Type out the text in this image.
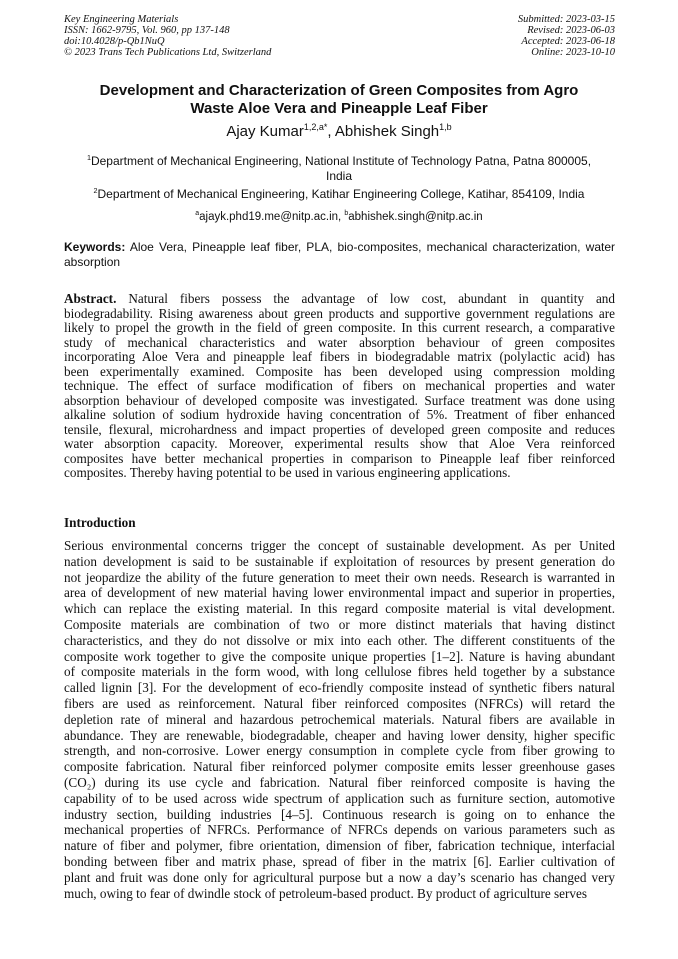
Key Engineering Materials
ISSN: 1662-9795, Vol. 960, pp 137-148
doi:10.4028/p-Qb1NuQ
© 2023 Trans Tech Publications Ltd, Switzerland
Submitted: 2023-03-15
Revised: 2023-06-03
Accepted: 2023-06-18
Online: 2023-10-10
Development and Characterization of Green Composites from Agro
Waste Aloe Vera and Pineapple Leaf Fiber
Ajay Kumar$^{1,2,a*}$, Abhishek Singh$^{1,b}$
$^1$Department of Mechanical Engineering, National Institute of Technology Patna, Patna 800005,
India
$^2$Department of Mechanical Engineering, Katihar Engineering College, Katihar, 854109, India
$^a$ajayk.phd19.me@nitp.ac.in, $^b$abhishek.singh@nitp.ac.in
Keywords: Aloe Vera, Pineapple leaf fiber, PLA, bio-composites, mechanical characterization, water absorption
Abstract. Natural fibers possess the advantage of low cost, abundant in quantity and
biodegradability. Rising awareness about green products and supportive government regulations are
likely to propel the growth in the field of green composite. In this current research, a comparative
study of mechanical characteristics and water absorption behaviour of green composites
incorporating Aloe Vera and pineapple leaf fibers in biodegradable matrix (polylactic acid) has
been experimentally examined. Composite has been developed using compression molding
technique. The effect of surface modification of fibers on mechanical properties and water
absorption behaviour of developed composite was investigated. Surface treatment was done using
alkaline solution of sodium hydroxide having concentration of 5%. Treatment of fiber enhanced
tensile, flexural, microhardness and impact properties of developed green composite and reduces
water absorption capacity. Moreover, experimental results show that Aloe Vera reinforced
composites have better mechanical properties in comparison to Pineapple leaf fiber reinforced
composites. Thereby having potential to be used in various engineering applications.
Introduction
Serious environmental concerns trigger the concept of sustainable development. As per United
nation development is said to be sustainable if exploitation of resources by present generation do
not jeopardize the ability of the future generation to meet their own needs. Research is warranted in
area of development of new material having lower environmental impact and superior in properties,
which can replace the existing material. In this regard composite material is vital development.
Composite materials are combination of two or more distinct materials that having distinct
characteristics, and they do not dissolve or mix into each other. The different constituents of the
composite work together to give the composite unique properties [1–2]. Nature is having abundant
of composite materials in the form wood, with long cellulose fibres held together by a substance
called lignin [3]. For the development of eco-friendly composite instead of synthetic fibers natural
fibers are used as reinforcement. Natural fiber reinforced composites (NFRCs) will retard the
depletion rate of mineral and hazardous petrochemical materials. Natural fibers are available in
abundance. They are renewable, biodegradable, cheaper and having lower density, higher specific
strength, and non-corrosive. Lower energy consumption in complete cycle from fiber growing to
composite fabrication. Natural fiber reinforced polymer composite emits lesser greenhouse gases
(CO₂) during its use cycle and fabrication. Natural fiber reinforced composite is having the
capability of to be used across wide spectrum of application such as furniture section, automotive
industry section, building industries [4–5]. Continuous research is going on to enhance the
mechanical properties of NFRCs. Performance of NFRCs depends on various parameters such as
nature of fiber and polymer, fibre orientation, dimension of fiber, fabrication technique, interfacial
bonding between fiber and matrix phase, spread of fiber in the matrix [6]. Earlier cultivation of
plant and fruit was done only for agricultural purpose but a now a day’s scenario has changed very
much, owing to fear of dwindle stock of petroleum-based product. By product of agriculture serves
